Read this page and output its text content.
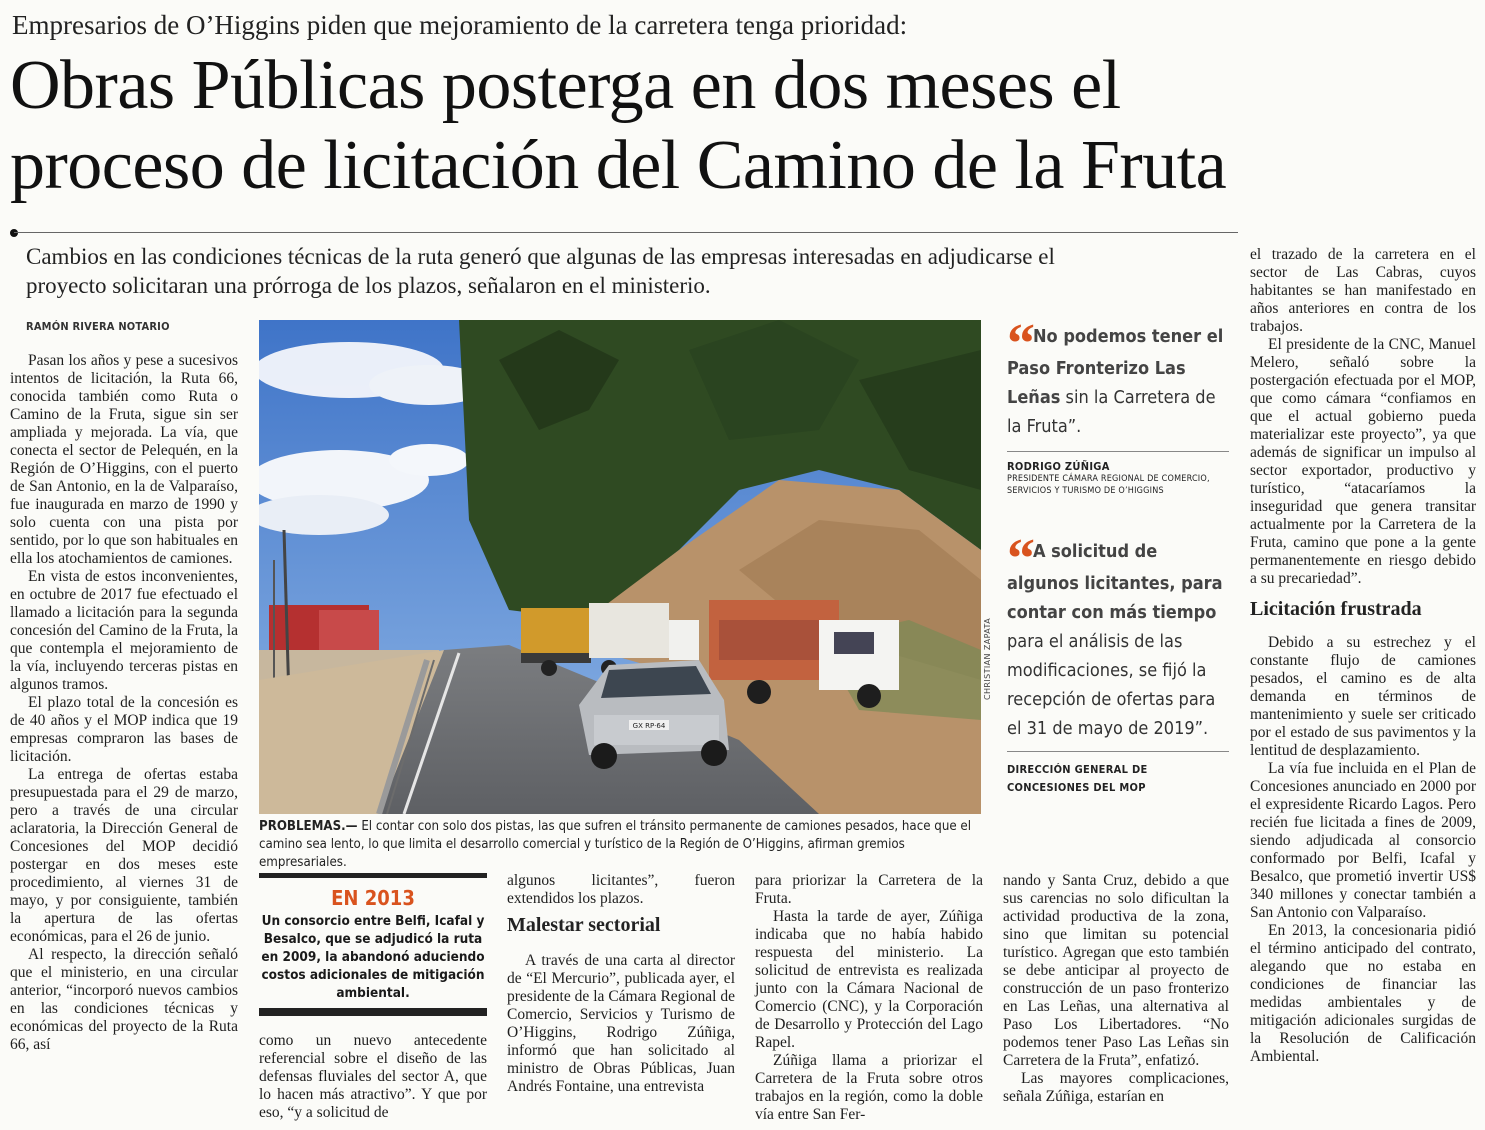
Empresarios de O’Higgins piden que mejoramiento de la carretera tenga prioridad:
Obras Públicas posterga en dos meses el
proceso de licitación del Camino de la Fruta
Cambios en las condiciones técnicas de la ruta generó que algunas de las empresas interesadas en adjudicarse el proyecto solicitaran una prórroga de los plazos, señalaron en el ministerio.
RAMÓN RIVERA NOTARIO

Pasan los años y pese a sucesivos intentos de licitación, la Ruta 66, conocida también como Ruta o Camino de la Fruta, sigue sin ser ampliada y mejorada. La vía, que conecta el sector de Pelequén, en la Región de O’Higgins, con el puerto de San Antonio, en la de Valparaíso, fue inaugurada en marzo de 1990 y solo cuenta con una pista por sentido, por lo que son habituales en ella los atochamientos de camiones.

En vista de estos inconvenientes, en octubre de 2017 fue efectuado el llamado a licitación para la segunda concesión del Camino de la Fruta, la que contempla el mejoramiento de la vía, incluyendo terceras pistas en algunos tramos.

El plazo total de la concesión es de 40 años y el MOP indica que 19 empresas compraron las bases de licitación.

La entrega de ofertas estaba presupuestada para el 29 de marzo, pero a través de una circular aclaratoria, la Dirección General de Concesiones del MOP decidió postergar en dos meses este procedimiento, al viernes 31 de mayo, y por consiguiente, también la apertura de las ofertas económicas, para el 26 de junio.

Al respecto, la dirección señaló que el ministerio, en una circular anterior, “incorporó nuevos cambios en las condiciones técnicas y económicas del proyecto de la Ruta 66, así

GX RP·64
CHRISTIAN ZAPATA
PROBLEMAS.— El contar con solo dos pistas, las que sufren el tránsito permanente de camiones pesados, hace que el camino sea lento, lo que limita el desarrollo comercial y turístico de la Región de O’Higgins, afirman gremios empresariales.
EN 2013
Un consorcio entre Belfi, Icafal y Besalco, que se adjudicó la ruta en 2009, la abandonó aduciendo costos adicionales de mitigación ambiental.

como un nuevo antecedente referencial sobre el diseño de las defensas fluviales del sector A, que lo hacen más atractivo”. Y que por eso, “y a solicitud de

algunos licitantes”, fueron extendidos los plazos.

Malestar sectorial

A través de una carta al director de “El Mercurio”, publicada ayer, el presidente de la Cámara Regional de Comercio, Servicios y Turismo de O’Higgins, Rodrigo Zúñiga, informó que han solicitado al ministro de Obras Públicas, Juan Andrés Fontaine, una entrevista

para priorizar la Carretera de la Fruta.

Hasta la tarde de ayer, Zúñiga indicaba que no había habido respuesta del ministerio. La solicitud de entrevista es realizada junto con la Cámara Nacional de Comercio (CNC), y la Corporación de Desarrollo y Protección del Lago Rapel.

Zúñiga llama a priorizar el Carretera de la Fruta sobre otros trabajos en la región, como la doble vía entre San Fer-

nando y Santa Cruz, debido a que sus carencias no solo dificultan la actividad productiva de la zona, sino que limitan su potencial turístico. Agregan que esto también se debe anticipar al proyecto de construcción de un paso fronterizo en Las Leñas, una alternativa al Paso Los Libertadores. “No podemos tener Paso Las Leñas sin Carretera de la Fruta”, enfatizó.

Las mayores complicaciones, señala Zúñiga, estarían en

“ No podemos tener el Paso Fronterizo Las Leñas sin la Carretera de la Fruta”.
RODRIGO ZÚÑIGA
PRESIDENTE CÁMARA REGIONAL DE COMERCIO, SERVICIOS Y TURISMO DE O’HIGGINS
“ A solicitud de algunos licitantes, para contar con más tiempo para el análisis de las modificaciones, se fijó la recepción de ofertas para el 31 de mayo de 2019”.
DIRECCIÓN GENERAL DE CONCESIONES DEL MOP

el trazado de la carretera en el sector de Las Cabras, cuyos habitantes se han manifestado en años anteriores en contra de los trabajos.

El presidente de la CNC, Manuel Melero, señaló sobre la postergación efectuada por el MOP, que como cámara “confiamos en que el actual gobierno pueda materializar este proyecto”, ya que además de significar un impulso al sector exportador, productivo y turístico, “atacaríamos la inseguridad que genera transitar actualmente por la Carretera de la Fruta, camino que pone a la gente permanentemente en riesgo debido a su precariedad”.

Licitación frustrada

Debido a su estrechez y el constante flujo de camiones pesados, el camino es de alta demanda en términos de mantenimiento y suele ser criticado por el estado de sus pavimentos y la lentitud de desplazamiento.

La vía fue incluida en el Plan de Concesiones anunciado en 2000 por el expresidente Ricardo Lagos. Pero recién fue licitada a fines de 2009, siendo adjudicada al consorcio conformado por Belfi, Icafal y Besalco, que prometió invertir US$ 340 millones y conectar también a San Antonio con Valparaíso.

En 2013, la concesionaria pidió el término anticipado del contrato, alegando que no estaba en condiciones de financiar las medidas ambientales y de mitigación adicionales surgidas de la Resolución de Calificación Ambiental.
